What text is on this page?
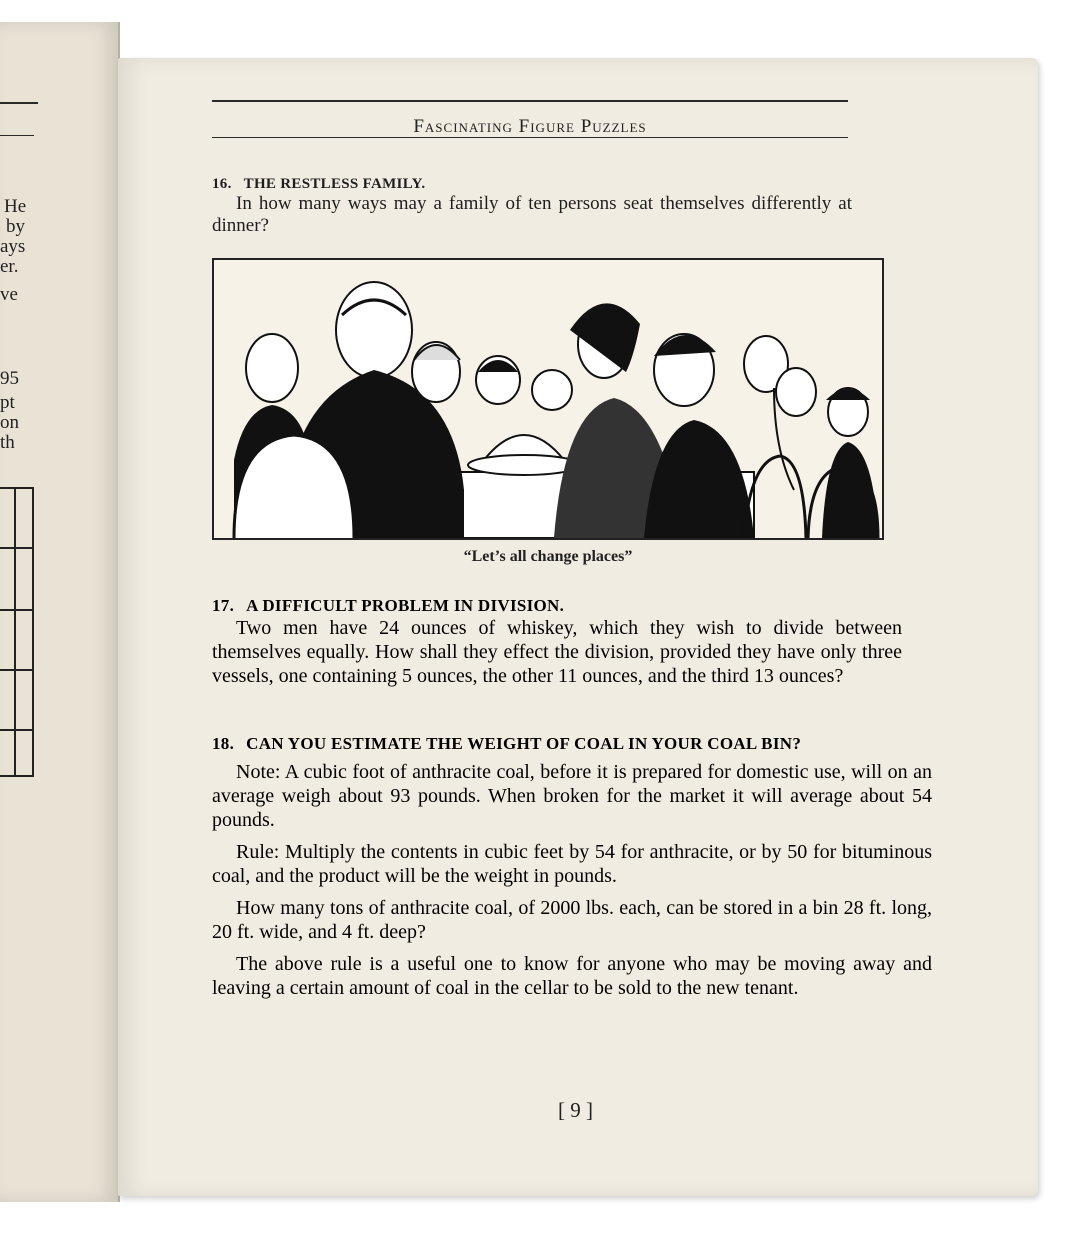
He
by
ays
er.
ve
95
pt
on
th
Fascinating Figure Puzzles

16. THE RESTLESS FAMILY.

In how many ways may a family of ten persons seat themselves differently at dinner?

“Let’s all change places”

17. A DIFFICULT PROBLEM IN DIVISION.

Two men have 24 ounces of whiskey, which they wish to divide between themselves equally. How shall they effect the division, provided they have only three vessels, one containing 5 ounces, the other 11 ounces, and the third 13 ounces?

18. CAN YOU ESTIMATE THE WEIGHT OF COAL IN YOUR COAL BIN?

Note: A cubic foot of anthracite coal, before it is prepared for domestic use, will on an average weigh about 93 pounds. When broken for the market it will average about 54 pounds.

Rule: Multiply the contents in cubic feet by 54 for anthracite, or by 50 for bituminous coal, and the product will be the weight in pounds.

How many tons of anthracite coal, of 2000 lbs. each, can be stored in a bin 28 ft. long, 20 ft. wide, and 4 ft. deep?

The above rule is a useful one to know for anyone who may be moving away and leaving a certain amount of coal in the cellar to be sold to the new tenant.

[ 9 ]
